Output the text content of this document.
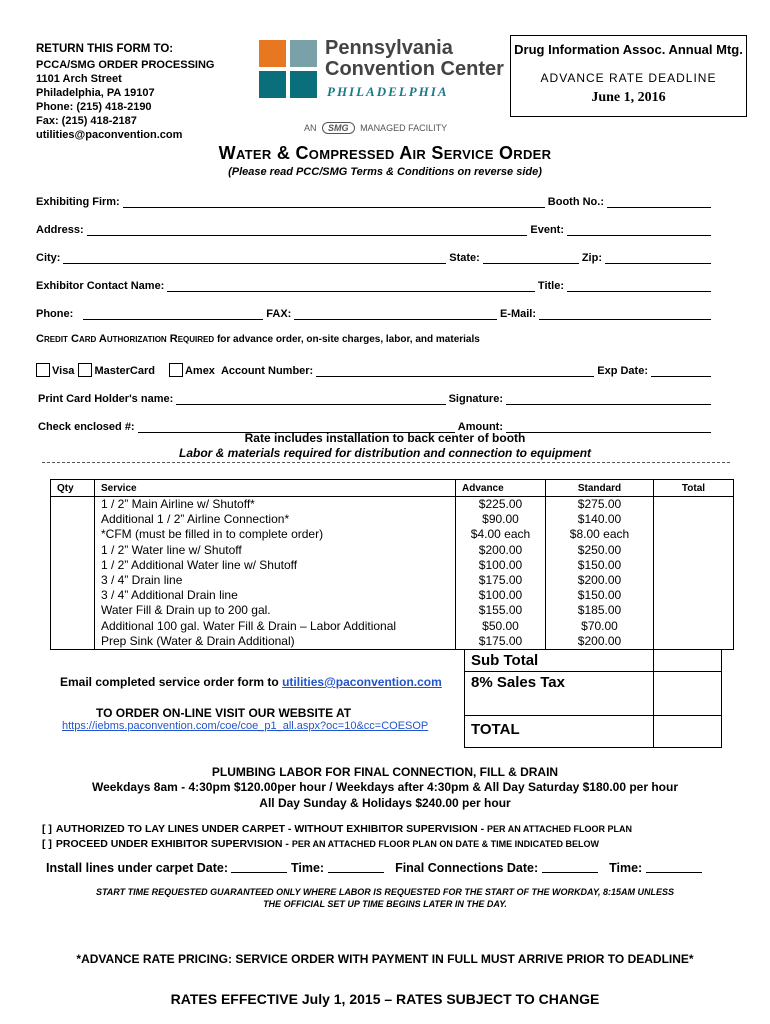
RETURN THIS FORM TO:
PCCA/SMG ORDER PROCESSING
1101 Arch Street
Philadelphia, PA 19107
Phone: (215) 418-2190
Fax: (215) 418-2187
utilities@paconvention.com
Pennsylvania
Convention Center
PHILADELPHIA
AN SMG MANAGED FACILITY
Drug Information Assoc. Annual Mtg.
ADVANCE RATE DEADLINE
June 1, 2016
Water & Compressed Air Service Order
(Please read PCC/SMG Terms & Conditions on reverse side)
Exhibiting Firm:	Booth No.:
Address:	Event:
City:	State:	Zip:
Exhibitor Contact Name:	Title:
Phone:	FAX:	E-Mail:
Credit Card Authorization Required for advance order, on-site charges, labor, and materials
Visa MasterCard	Amex Account Number:	Exp Date:
Print Card Holder's name:	Signature:
Check enclosed #:	Amount:
Rate includes installation to back center of booth
Labor & materials required for distribution and connection to equipment
Qty	Service	Advance	Standard	Total
	1 / 2” Main Airline w/ Shutoff*	$225.00	$275.00	
	Additional 1 / 2” Airline Connection*	$90.00	$140.00	
	*CFM (must be filled in to complete order)	$4.00 each	$8.00 each	
	1 / 2” Water line w/ Shutoff	$200.00	$250.00	
	1 / 2” Additional Water line w/ Shutoff	$100.00	$150.00	
	3 / 4” Drain line	$175.00	$200.00	
	3 / 4” Additional Drain line	$100.00	$150.00	
	Water Fill & Drain up to 200 gal.	$155.00	$185.00	
	Additional 100 gal. Water Fill & Drain – Labor Additional	$50.00	$70.00	
	Prep Sink (Water & Drain Additional)	$175.00	$200.00	
Sub Total
8% Sales Tax
TOTAL
Email completed service order form to utilities@paconvention.com
TO ORDER ON-LINE VISIT OUR WEBSITE AT
https://iebms.paconvention.com/coe/coe_p1_all.aspx?oc=10&cc=COESOP
PLUMBING LABOR FOR FINAL CONNECTION, FILL & DRAIN
Weekdays 8am - 4:30pm $120.00per hour / Weekdays after 4:30pm & All Day Saturday $180.00 per hour
All Day Sunday & Holidays $240.00 per hour
[ ] AUTHORIZED TO LAY LINES UNDER CARPET - WITHOUT EXHIBITOR SUPERVISION - PER AN ATTACHED FLOOR PLAN
[ ] PROCEED UNDER EXHIBITOR SUPERVISION - PER AN ATTACHED FLOOR PLAN ON DATE & TIME INDICATED BELOW
Install lines under carpet Date:	Time:	Final Connections Date:	Time:
START TIME REQUESTED GUARANTEED ONLY WHERE LABOR IS REQUESTED FOR THE START OF THE WORKDAY, 8:15AM UNLESS
THE OFFICIAL SET UP TIME BEGINS LATER IN THE DAY.
*ADVANCE RATE PRICING: SERVICE ORDER WITH PAYMENT IN FULL MUST ARRIVE PRIOR TO DEADLINE*
RATES EFFECTIVE July 1, 2015 – RATES SUBJECT TO CHANGE
